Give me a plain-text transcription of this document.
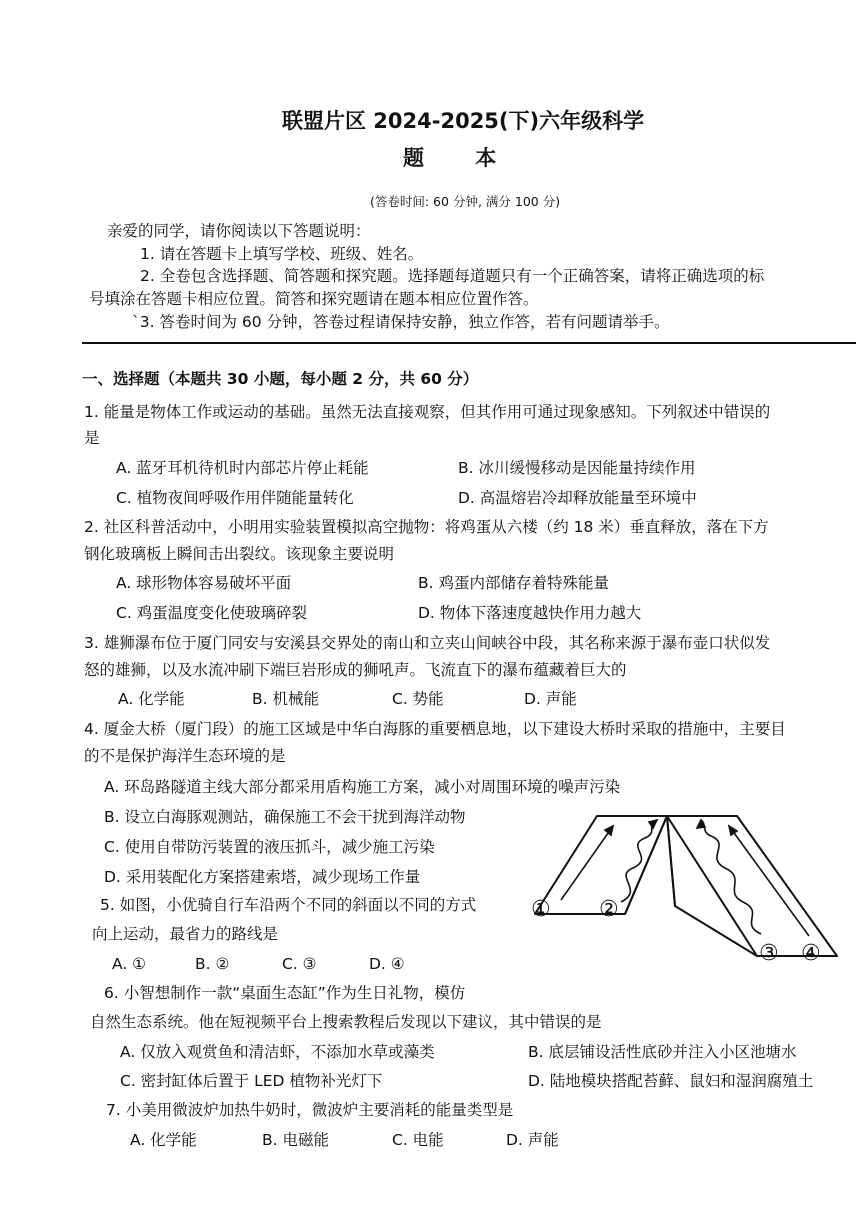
联盟片区 2024-2025(下)六年级科学
题 本
(答卷时间: 60 分钟, 满分 100 分)
亲爱的同学，请你阅读以下答题说明：
1. 请在答题卡上填写学校、班级、姓名。
2. 全卷包含选择题、简答题和探究题。选择题每道题只有一个正确答案，请将正确选项的标
号填涂在答题卡相应位置。简答和探究题请在题本相应位置作答。
`3. 答卷时间为 60 分钟，答卷过程请保持安静，独立作答，若有问题请举手。
一、选择题（本题共 30 小题，每小题 2 分，共 60 分）
1. 能量是物体工作或运动的基础。虽然无法直接观察，但其作用可通过现象感知。下列叙述中错误的
是
A. 蓝牙耳机待机时内部芯片停止耗能	B. 冰川缓慢移动是因能量持续作用
C. 植物夜间呼吸作用伴随能量转化	D. 高温熔岩冷却释放能量至环境中
2. 社区科普活动中，小明用实验装置模拟高空抛物：将鸡蛋从六楼（约 18 米）垂直释放，落在下方
钢化玻璃板上瞬间击出裂纹。该现象主要说明
A. 球形物体容易破坏平面	B. 鸡蛋内部储存着特殊能量
C. 鸡蛋温度变化使玻璃碎裂	D. 物体下落速度越快作用力越大
3. 雄狮瀑布位于厦门同安与安溪县交界处的南山和立夹山间峡谷中段，其名称来源于瀑布壶口状似发
怒的雄狮，以及水流冲刷下端巨岩形成的狮吼声。飞流直下的瀑布蕴藏着巨大的
A. 化学能	B. 机械能	C. 势能	D. 声能
4. 厦金大桥（厦门段）的施工区域是中华白海豚的重要栖息地，以下建设大桥时采取的措施中，主要目
的不是保护海洋生态环境的是
A. 环岛路隧道主线大部分都采用盾构施工方案，减小对周围环境的噪声污染
B. 设立白海豚观测站，确保施工不会干扰到海洋动物
C. 使用自带防污装置的液压抓斗，减少施工污染
D. 采用装配化方案搭建索塔，减少现场工作量
5. 如图，小优骑自行车沿两个不同的斜面以不同的方式
向上运动，最省力的路线是
A. ①	B. ②	C. ③	D. ④
① ②
③ ④
6. 小智想制作一款“桌面生态缸”作为生日礼物，模仿
自然生态系统。他在短视频平台上搜索教程后发现以下建议，其中错误的是
A. 仅放入观赏鱼和清洁虾，不添加水草或藻类	B. 底层铺设活性底砂并注入小区池塘水
C. 密封缸体后置于 LED 植物补光灯下	D. 陆地模块搭配苔藓、鼠妇和湿润腐殖土
7. 小美用微波炉加热牛奶时，微波炉主要消耗的能量类型是
A. 化学能	B. 电磁能	C. 电能	D. 声能
